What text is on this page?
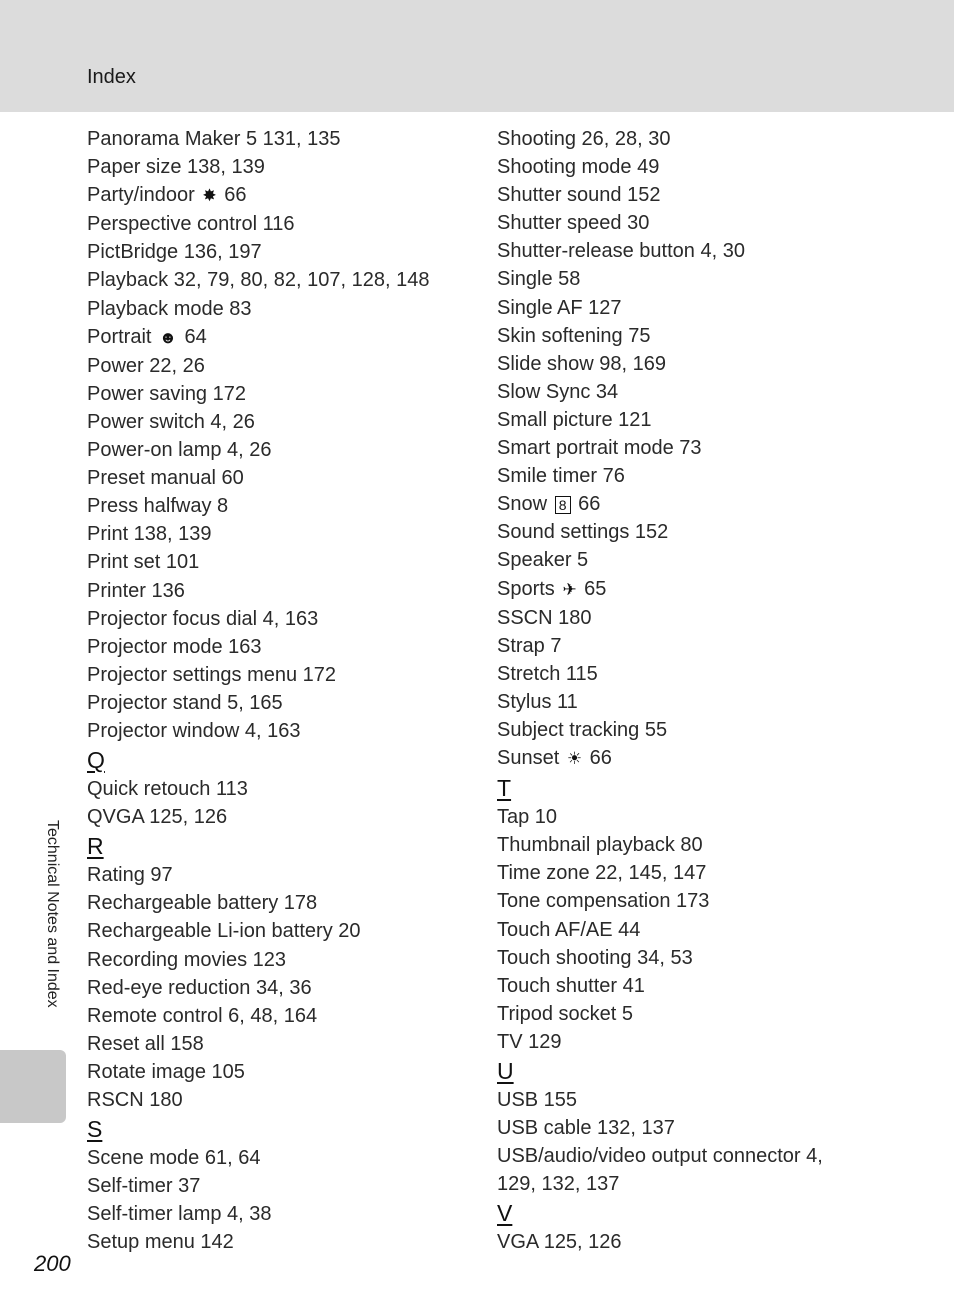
Index
Panorama Maker 5 131, 135
Paper size 138, 139
Party/indoor ✸ 66
Perspective control 116
PictBridge 136, 197
Playback 32, 79, 80, 82, 107, 128, 148
Playback mode 83
Portrait ☻ 64
Power 22, 26
Power saving 172
Power switch 4, 26
Power-on lamp 4, 26
Preset manual 60
Press halfway 8
Print 138, 139
Print set 101
Printer 136
Projector focus dial 4, 163
Projector mode 163
Projector settings menu 172
Projector stand 5, 165
Projector window 4, 163
Q
Quick retouch 113
QVGA 125, 126
R
Rating 97
Rechargeable battery 178
Rechargeable Li-ion battery 20
Recording movies 123
Red-eye reduction 34, 36
Remote control 6, 48, 164
Reset all 158
Rotate image 105
RSCN 180
S
Scene mode 61, 64
Self-timer 37
Self-timer lamp 4, 38
Setup menu 142
Shooting 26, 28, 30
Shooting mode 49
Shutter sound 152
Shutter speed 30
Shutter-release button 4, 30
Single 58
Single AF 127
Skin softening 75
Slide show 98, 169
Slow Sync 34
Small picture 121
Smart portrait mode 73
Smile timer 76
Snow 8 66
Sound settings 152
Speaker 5
Sports ✈ 65
SSCN 180
Strap 7
Stretch 115
Stylus 11
Subject tracking 55
Sunset ☀ 66
T
Tap 10
Thumbnail playback 80
Time zone 22, 145, 147
Tone compensation 173
Touch AF/AE 44
Touch shooting 34, 53
Touch shutter 41
Tripod socket 5
TV 129
U
USB 155
USB cable 132, 137
USB/audio/video output connector 4,
129, 132, 137
V
VGA 125, 126
Technical Notes and Index
200
